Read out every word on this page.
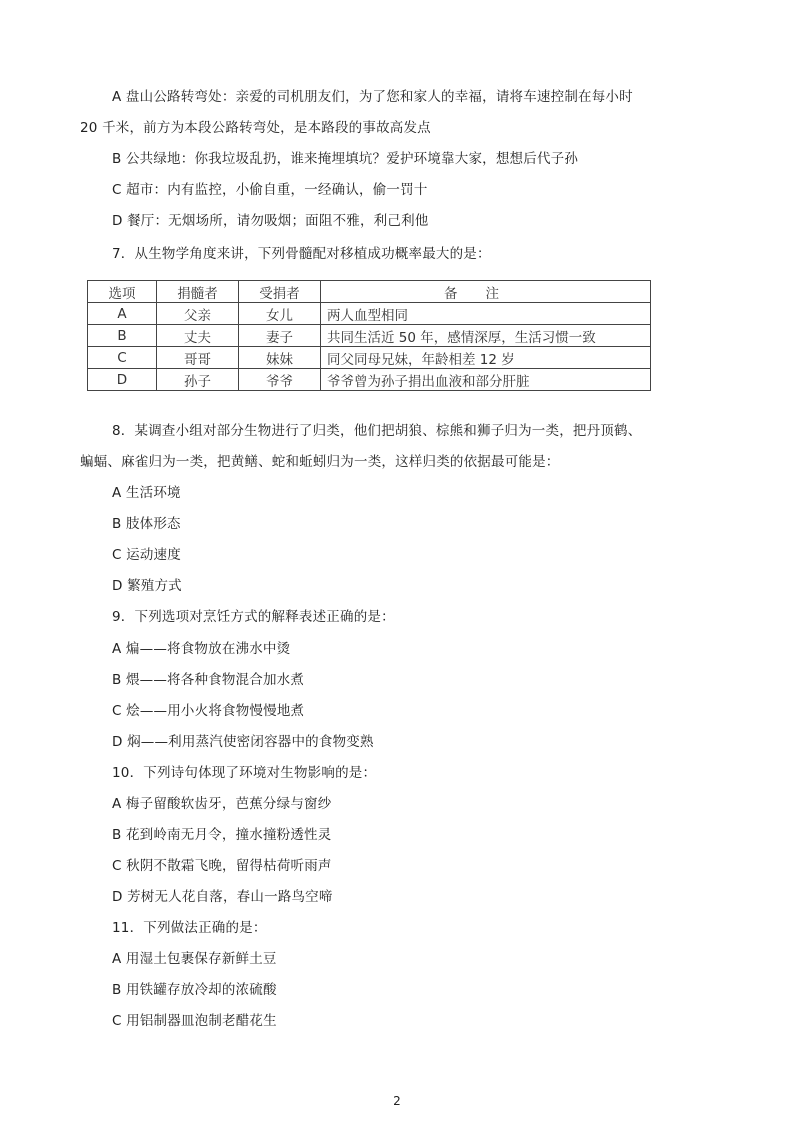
A 盘山公路转弯处：亲爱的司机朋友们，为了您和家人的幸福，请将车速控制在每小时
20 千米，前方为本段公路转弯处，是本路段的事故高发点
B 公共绿地：你我垃圾乱扔，谁来掩埋填坑？爱护环境靠大家，想想后代子孙
C 超市：内有监控，小偷自重，一经确认，偷一罚十
D 餐厅：无烟场所，请勿吸烟；面阻不雅，利己利他
7．从生物学角度来讲，下列骨髓配对移植成功概率最大的是：
选项	捐髓者	受捐者	备注
A	父亲	女儿	两人血型相同
B	丈夫	妻子	共同生活近 50 年，感情深厚，生活习惯一致
C	哥哥	妹妹	同父同母兄妹，年龄相差 12 岁
D	孙子	爷爷	爷爷曾为孙子捐出血液和部分肝脏
8．某调查小组对部分生物进行了归类，他们把胡狼、棕熊和狮子归为一类，把丹顶鹤、
蝙蝠、麻雀归为一类，把黄鳝、蛇和蚯蚓归为一类，这样归类的依据最可能是：
A 生活环境
B 肢体形态
C 运动速度
D 繁殖方式
9．下列选项对烹饪方式的解释表述正确的是：
A 煸——将食物放在沸水中烫
B 煨——将各种食物混合加水煮
C 烩——用小火将食物慢慢地煮
D 焖——利用蒸汽使密闭容器中的食物变熟
10．下列诗句体现了环境对生物影响的是：
A 梅子留酸软齿牙，芭蕉分绿与窗纱
B 花到岭南无月令，撞水撞粉透性灵
C 秋阴不散霜飞晚，留得枯荷听雨声
D 芳树无人花自落，春山一路鸟空啼
11．下列做法正确的是：
A 用湿土包裹保存新鲜土豆
B 用铁罐存放冷却的浓硫酸
C 用铝制器皿泡制老醋花生
2
